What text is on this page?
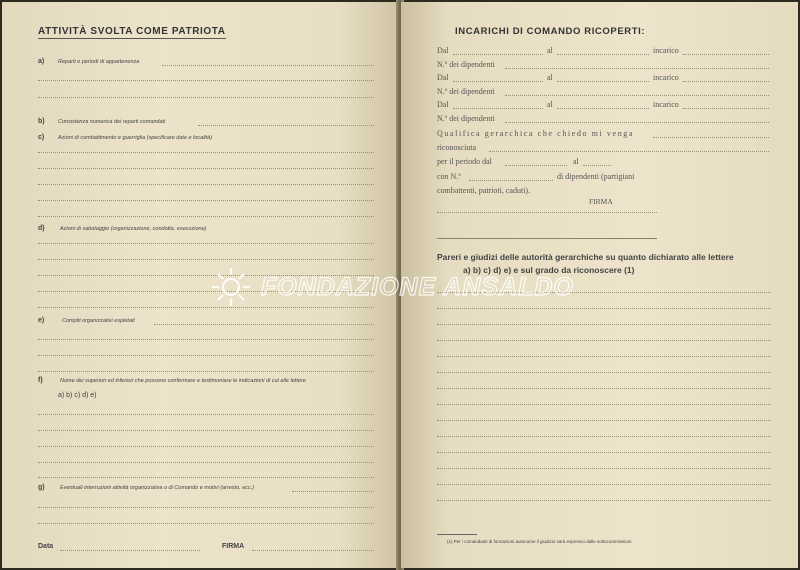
ATTIVITÀ SVOLTA COME PATRIOTA
a)	Reparti e periodi di appartenenza
b) Consistenza numerica dei reparti comandati
c)	Azioni di combattimento e guerriglia (specificare date e località)
d)	Azioni di sabotaggio (organizzazione, condotta, esecuzione)
e)	Compiti organizzativi espletati
f)	Nome dei superiori ed inferiori che possono confermare e testimoniare le indicazioni di cui alle lettere
a) b) c) d) e)
g)	Eventuali interruzioni attività organizzativa o di Comando e motivi (arresto, ecc.)
Data	FIRMA
INCARICHI DI COMANDO RICOPERTI:
Dal	al	incarico
N.º dei dipendenti
Dal	al	incarico
N.º dei dipendenti
Dal	al	incarico
N.º dei dipendenti
Qualifica gerarchica che chiedo mi venga
riconosciuta
per il periodo dal	al
con N.º	di dipendenti (partigiani
combattenti, patrioti, caduti).
FIRMA
Pareri e giudizi delle autorità gerarchiche su quanto dichiarato alle lettere
a) b) c) d) e) e sul grado da riconoscere (1)
(1) Per i comandanti di formazioni autonome il giudizio sarà espresso dalle sottocommissioni.
